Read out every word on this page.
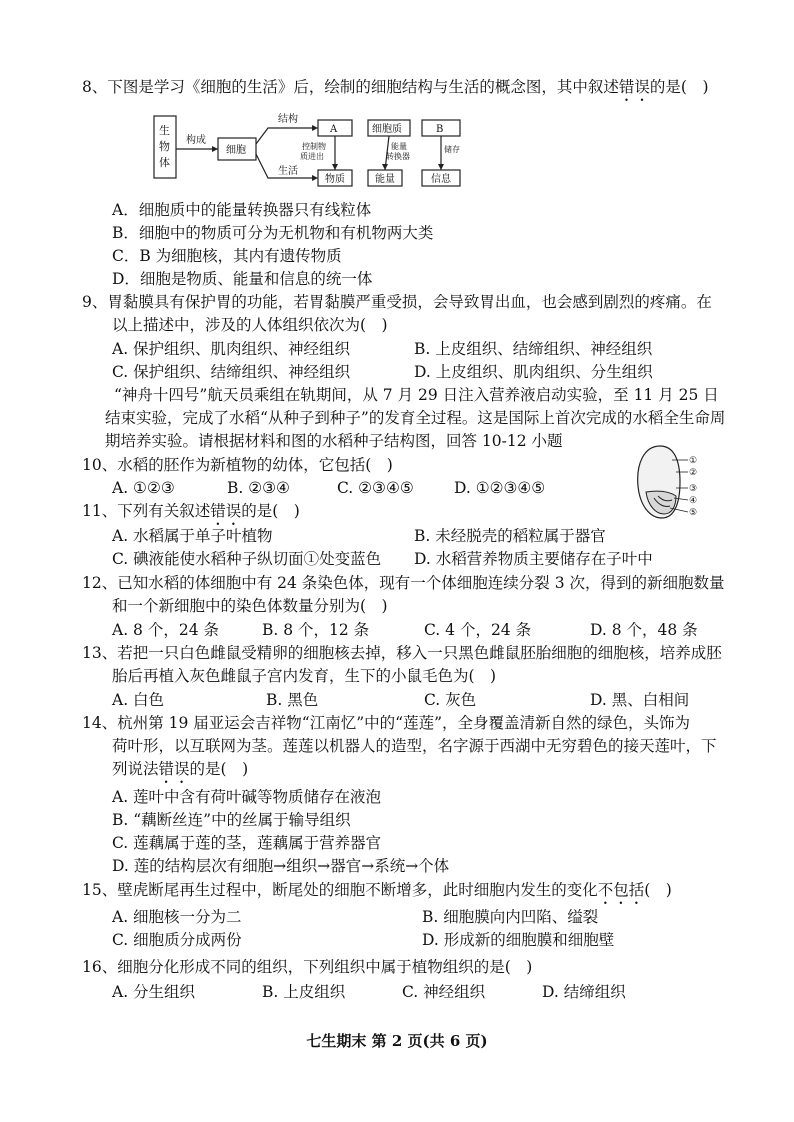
8、下图是学习《细胞的生活》后，绘制的细胞结构与生活的概念图，其中叙述错误的是(　)
生
物
体
构成
细胞
结构
生活
A	细胞质	B
控制物
质进出
能量
转换器
储存
物质	能量	信息
A．细胞质中的能量转换器只有线粒体
B．细胞中的物质可分为无机物和有机物两大类
C．B 为细胞核，其内有遗传物质
D．细胞是物质、能量和信息的统一体
9、胃黏膜具有保护胃的功能，若胃黏膜严重受损，会导致胃出血，也会感到剧烈的疼痛。在
以上描述中，涉及的人体组织依次为(　)
A. 保护组织、肌肉组织、神经组织	B. 上皮组织、结缔组织、神经组织
C. 保护组织、结缔组织、神经组织	D. 上皮组织、肌肉组织、分生组织
“神舟十四号”航天员乘组在轨期间，从 7 月 29 日注入营养液启动实验，至 11 月 25 日
结束实验，完成了水稻“从种子到种子”的发育全过程。这是国际上首次完成的水稻全生命周
期培养实验。请根据材料和图的水稻种子结构图，回答 10-12 小题
①
②
③
④
⑤
10、水稻的胚作为新植物的幼体，它包括(　)
A. ①②③	B. ②③④	C. ②③④⑤	D. ①②③④⑤
11、下列有关叙述错误的是(　)
A. 水稻属于单子叶植物	B. 未经脱壳的稻粒属于器官
C. 碘液能使水稻种子纵切面①处变蓝色 D. 水稻营养物质主要储存在子叶中
12、已知水稻的体细胞中有 24 条染色体，现有一个体细胞连续分裂 3 次，得到的新细胞数量
和一个新细胞中的染色体数量分别为(　)
A. 8 个，24 条	B. 8 个，12 条	C. 4 个，24 条	D. 8 个，48 条
13、若把一只白色雌鼠受精卵的细胞核去掉，移入一只黑色雌鼠胚胎细胞的细胞核，培养成胚
胎后再植入灰色雌鼠子宫内发育，生下的小鼠毛色为(　)
A. 白色	B. 黑色	C. 灰色	D. 黑、白相间
14、杭州第 19 届亚运会吉祥物“江南忆”中的“莲莲”，全身覆盖清新自然的绿色，头饰为
荷叶形，以互联网为茎。莲莲以机器人的造型，名字源于西湖中无穷碧色的接天莲叶，下
列说法错误的是(　)
A. 莲叶中含有荷叶碱等物质储存在液泡
B. “藕断丝连”中的丝属于输导组织
C. 莲藕属于莲的茎，莲藕属于营养器官
D. 莲的结构层次有细胞→组织→器官→系统→个体
15、壁虎断尾再生过程中，断尾处的细胞不断增多，此时细胞内发生的变化不包括(　)
A. 细胞核一分为二	B. 细胞膜向内凹陷、缢裂
C. 细胞质分成两份	D. 形成新的细胞膜和细胞壁
16、细胞分化形成不同的组织，下列组织中属于植物组织的是(　)
A. 分生组织	B. 上皮组织	C. 神经组织	D. 结缔组织
七生期末 第 2 页(共 6 页)
